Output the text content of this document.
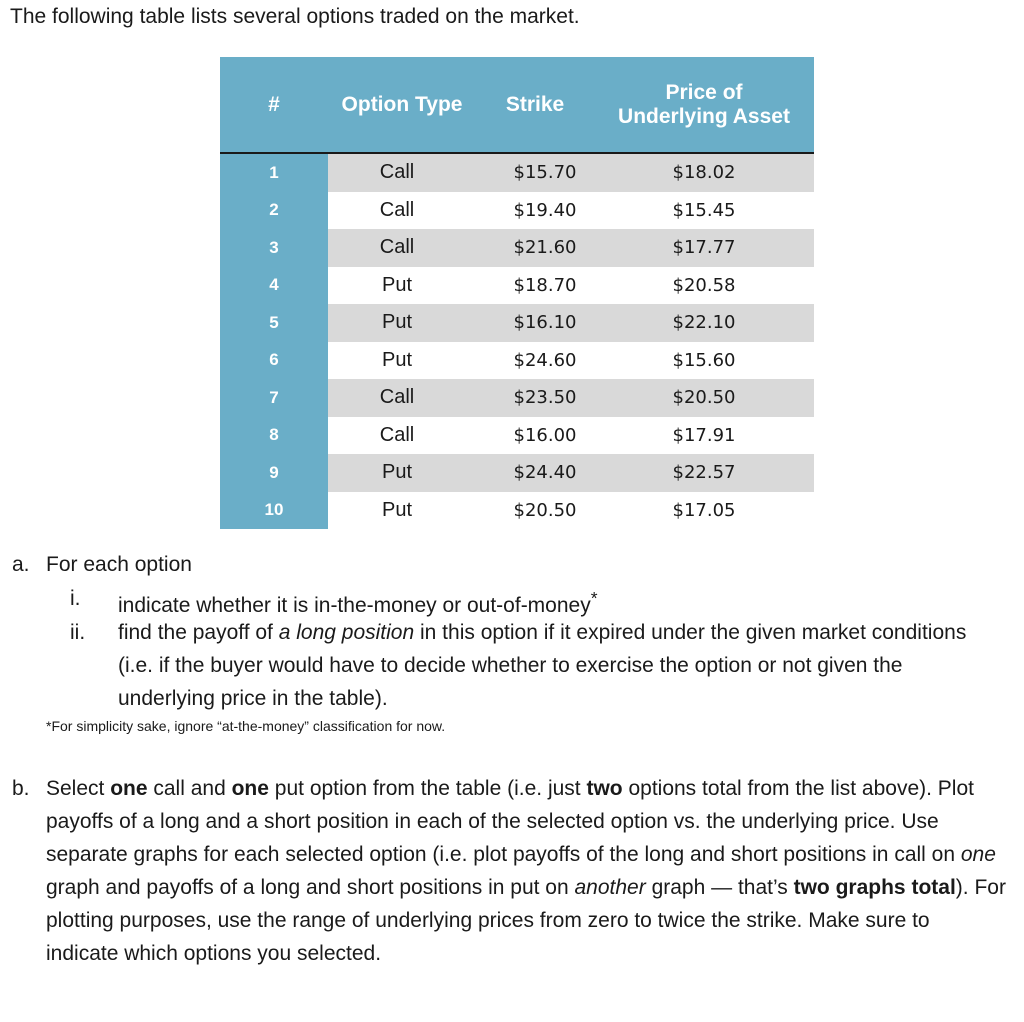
The following table lists several options traded on the market.
#	Option Type	Strike	Price of
Underlying Asset

1	Call	$15.70	$18.02
2	Call	$19.40	$15.45
3	Call	$21.60	$17.77
4	Put	$18.70	$20.58
5	Put	$16.10	$22.10
6	Put	$24.60	$15.60
7	Call	$23.50	$20.50
8	Call	$16.00	$17.91
9	Put	$24.40	$22.57
10	Put	$20.50	$17.05
a. For each option
i. indicate whether it is in-the-money or out-of-money*
ii. find the payoff of a long position in this option if it expired under the given market conditions (i.e. if the buyer would have to decide whether to exercise the option or not given the underlying price in the table).
*For simplicity sake, ignore “at-the-money” classification for now.
b. Select one call and one put option from the table (i.e. just two options total from the list above). Plot payoffs of a long and a short position in each of the selected option vs. the underlying price. Use separate graphs for each selected option (i.e. plot payoffs of the long and short positions in call on one graph and payoffs of a long and short positions in put on another graph — that’s two graphs total). For plotting purposes, use the range of underlying prices from zero to twice the strike. Make sure to indicate which options you selected.
